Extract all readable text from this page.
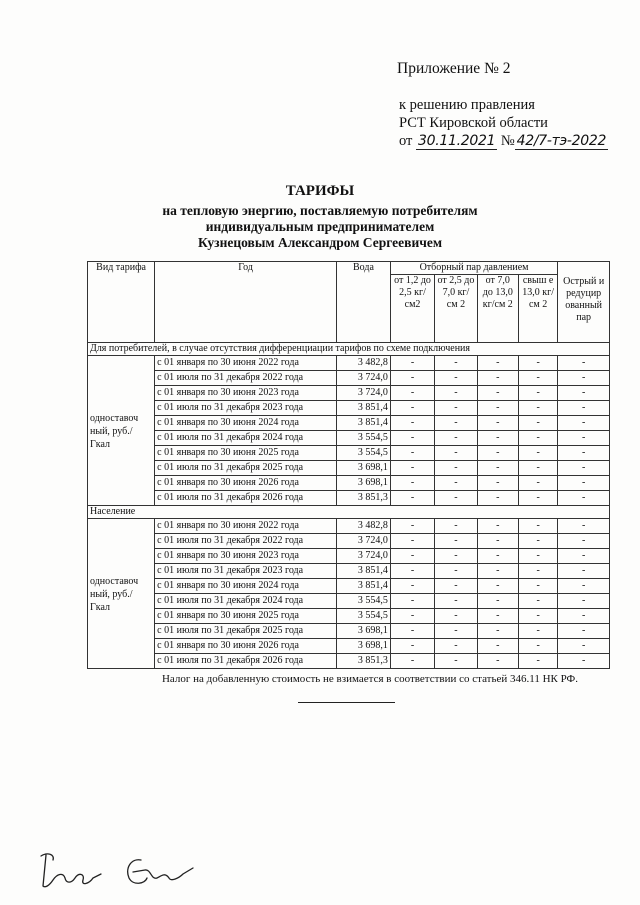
Приложение № 2
к решению правления
РСТ Кировской области
от 30.11.2021 № 42/7-тэ-2022
ТАРИФЫ
на тепловую энергию, поставляемую потребителям
индивидуальным предпринимателем
Кузнецовым Александром Сергеевичем
Вид тарифа	Год	Вода	Отборный пар давлением				Острый и редуцир ованный пар
			от 1,2 до 2,5 кг/см2	от 2,5 до 7,0 кг/см 2	от 7,0 до 13,0 кг/см 2	свыш е 13,0 кг/см 2	
Для потребителей, в случае отсутствия дифференциации тарифов по схеме подключения							
одноставоч ный, руб./Гкал	с 01 января по 30 июня 2022 года	3 482,8	-	-	-	-	-
	с 01 июля по 31 декабря 2022 года	3 724,0	-	-	-	-	-
	с 01 января по 30 июня 2023 года	3 724,0	-	-	-	-	-
	с 01 июля по 31 декабря 2023 года	3 851,4	-	-	-	-	-
	с 01 января по 30 июня 2024 года	3 851,4	-	-	-	-	-
	с 01 июля по 31 декабря 2024 года	3 554,5	-	-	-	-	-
	с 01 января по 30 июня 2025 года	3 554,5	-	-	-	-	-
	с 01 июля по 31 декабря 2025 года	3 698,1	-	-	-	-	-
	с 01 января по 30 июня 2026 года	3 698,1	-	-	-	-	-
	с 01 июля по 31 декабря 2026 года	3 851,3	-	-	-	-	-
Население							
одноставоч ный, руб./Гкал	с 01 января по 30 июня 2022 года	3 482,8	-	-	-	-	-
	с 01 июля по 31 декабря 2022 года	3 724,0	-	-	-	-	-
	с 01 января по 30 июня 2023 года	3 724,0	-	-	-	-	-
	с 01 июля по 31 декабря 2023 года	3 851,4	-	-	-	-	-
	с 01 января по 30 июня 2024 года	3 851,4	-	-	-	-	-
	с 01 июля по 31 декабря 2024 года	3 554,5	-	-	-	-	-
	с 01 января по 30 июня 2025 года	3 554,5	-	-	-	-	-
	с 01 июля по 31 декабря 2025 года	3 698,1	-	-	-	-	-
	с 01 января по 30 июня 2026 года	3 698,1	-	-	-	-	-
	с 01 июля по 31 декабря 2026 года	3 851,3	-	-	-	-	-
Налог на добавленную стоимость не взимается в соответствии со статьей 346.11 НК РФ.
